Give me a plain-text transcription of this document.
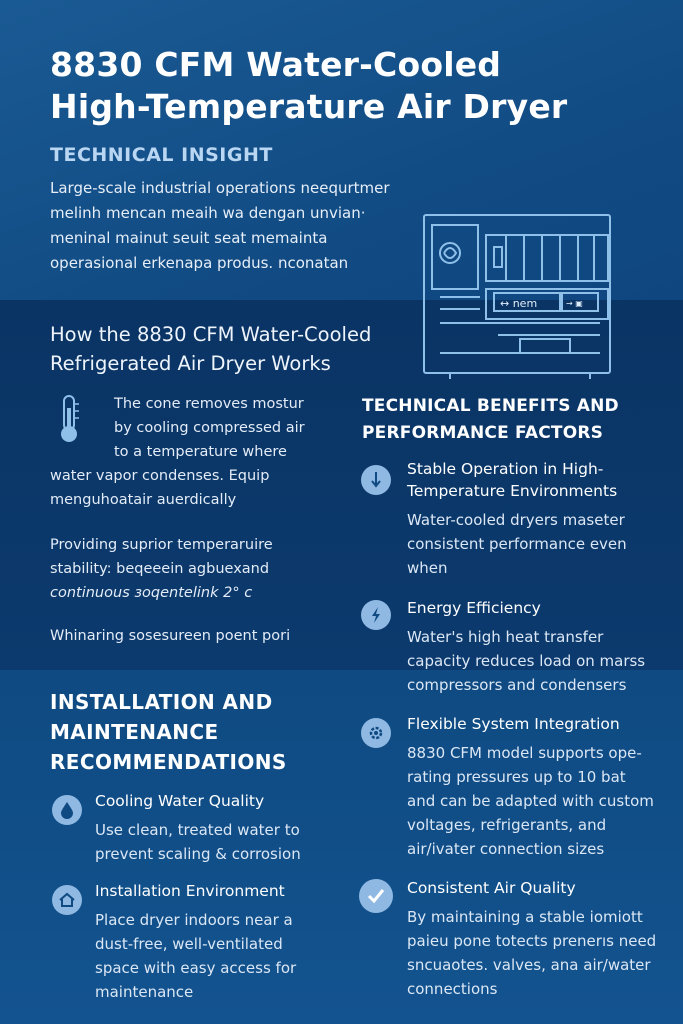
8830 CFM Water-Cooled High-Temperature Air Dryer
TECHNICAL INSIGHT
Large-scale industrial operations neequrtmer
melinh mencan meaih wa dengan unvian·
meninal mainut seuit seat memainta
operasional erkenapa produs. nconatan
↔ nem	→ ▣
How the 8830 CFM Water-Cooled Refrigerated Air Dryer Works
The cone removes mostur
by cooling compressed air
to a temperature where
water vapor condenses. Equip
menguhoatair auerdically
Providing suprior temperaruire
stability: beqeeein agbuexand
continuous зoqentelink 2° ϲ
Whinaring sosesureen poent pori
INSTALLATION AND MAINTENANCE RECOMMENDATIONS
Cooling Water Quality
Use clean, treated water to prevent scaling & corrosion
Installation Environment
Place dryer indoors near a dust-free, well-ventilated space with easy access for maintenance
TECHNICAL BENEFITS AND PERFORMANCE FACTORS
Stable Operation in High-Temperature Environments
Water-cooled dryers maseter consistent performance even when
Energy Efficiency
Water's high heat transfer capacity reduces load on marss compressors and condensers
Flexible System Integration
8830 CFM model supports ope-rating pressures up to 10 bat and can be adapted with custom voltages, refrigerants, and air/ivater connection sizes
Consistent Air Quality
By maintaining a stable iomiott paieu pone totects prenerıs need sncuaotes. valves, ana air/water connections
